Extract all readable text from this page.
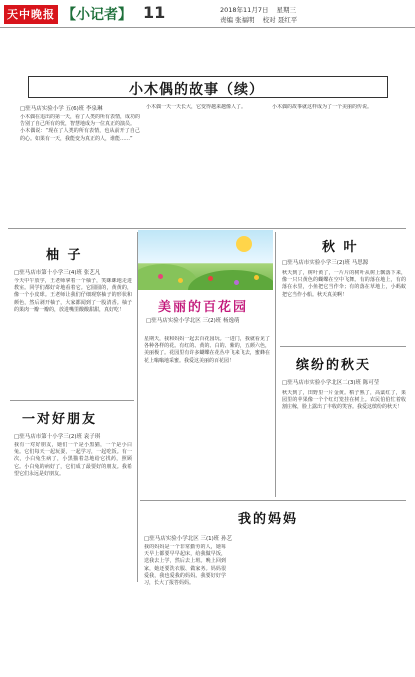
天中晚报 【小记者】 11	2018年11月7日 星期三
责编 张福明 校对 聂红平
小木偶的故事（续）
□驻马店实验小学 五(6)班 李泉琳

小木偶在追出的第一天，看了人类的所有表情，成功的告别了自己所有的忧，智慧地成为一位真正的演员。

小木偶说：“现在了人类的所有表情，也从前开了自己的心。如果有一天，我能变为真正的人，谁能……”

小木偶一天一天长大，它变得越来越像人了。	小木偶的故事就这样成为了一个美丽的传说。

柚 子
□驻马店市第十小学三(4)班 张艺凡
今天中午放学，王老师拿着一个柚子，笑眯眯地走进教室。同学们都好奇地看着它。它圆圆的，黄黄的，像一个小皮球。王老师让我们仔细观察柚子的形状和颜色，然后剥开柚子，大家都闻到了一股清香。柚子的果肉一瓣一瓣的，放进嘴里酸酸甜甜，真好吃！
一对好朋友
□驻马店市第十小学三(2)班 袁子琪
我有一对好朋友，她们一个是小黑猫，一个是小白兔。它们每天一起玩耍，一起学习，一起吃饭。有一次，小白兔生病了，小黑猫着急地给它找药，照顾它。小白兔的病好了，它们成了最要好的朋友。我希望它们永远是好朋友。
美丽的百花园
□驻马店实验小学北区 三(2)班 杨逸萌
星期天，我和妈妈一起去百花园玩。一进门，我就看见了各种各样的花。有红的、黄的、白的、紫的，五颜六色，美丽极了。花园里有许多蝴蝶在花丛中飞来飞去，蜜蜂在花上嗡嗡地采蜜。我爱这美丽的百花园！
秋 叶
□驻马店市实验小学三(2)班 马思源
秋天到了，树叶黄了，一片片的树叶从树上飘落下来，像一只只黄色的蝴蝶在空中飞舞。有的落在地上，有的落在水里，小鱼把它当作伞；有的落在草地上，小蚂蚁把它当作小船。秋天真美啊！
缤纷的秋天
□驻马店市实验小学北区二(3)班 陈可莹
秋天到了，田野里一片金黄。稻子熟了，高粱红了，果园里的苹果像一个个红灯笼挂在树上。农民伯伯忙着收割庄稼，脸上露出了丰收的笑容。我爱这缤纷的秋天！
我的妈妈
□驻马店实验小学北区 三(1)班 孙艺
我的妈妈是一个非常勤劳的人，她每天早上都要早早起床，给我做早饭，送我去上学，然后去上班。晚上回到家，她还要洗衣服、做家务。妈妈很爱我，我也爱我的妈妈。我要好好学习，长大了报答妈妈。
